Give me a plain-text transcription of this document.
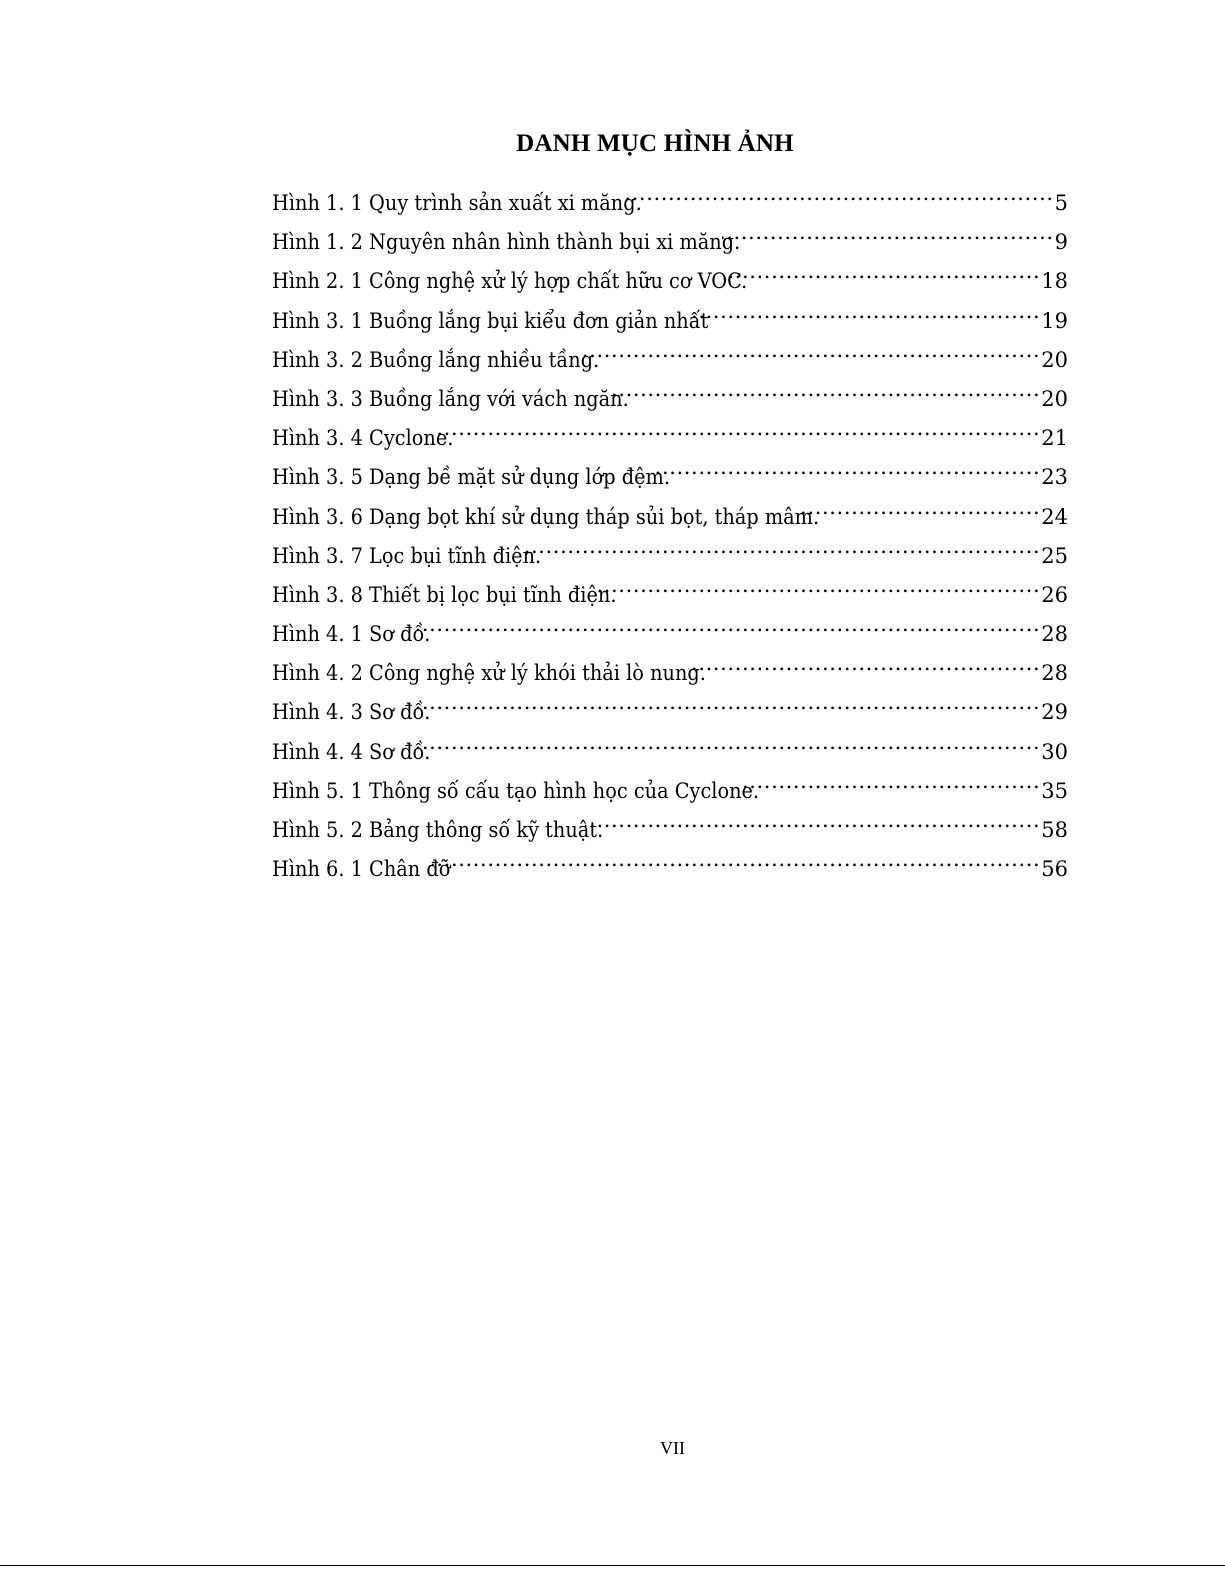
DANH MỤC HÌNH ẢNH
Hình 1. 1 Quy trình sản xuất xi măng. .....	5
Hình 1. 2 Nguyên nhân hình thành bụi xi măng. .....	9
Hình 2. 1 Công nghệ xử lý hợp chất hữu cơ VOC. .....	18
Hình 3. 1 Buồng lắng bụi kiểu đơn giản nhất .....	19
Hình 3. 2 Buồng lắng nhiều tầng. .....	20
Hình 3. 3 Buồng lắng với vách ngăn. .....	20
Hình 3. 4 Cyclone. .....	21
Hình 3. 5 Dạng bề mặt sử dụng lớp đệm. .....	23
Hình 3. 6 Dạng bọt khí sử dụng tháp sủi bọt, tháp mâm. .....	24
Hình 3. 7 Lọc bụi tĩnh điện. .....	25
Hình 3. 8 Thiết bị lọc bụi tĩnh điện. .....	26
Hình 4. 1 Sơ đồ. .....	28
Hình 4. 2 Công nghệ xử lý khói thải lò nung. .....	28
Hình 4. 3 Sơ đồ. .....	29
Hình 4. 4 Sơ đồ. .....	30
Hình 5. 1 Thông số cấu tạo hình học của Cyclone. .....	35
Hình 5. 2 Bảng thông số kỹ thuật. .....	58
Hình 6. 1 Chân đỡ .....	56
VII
